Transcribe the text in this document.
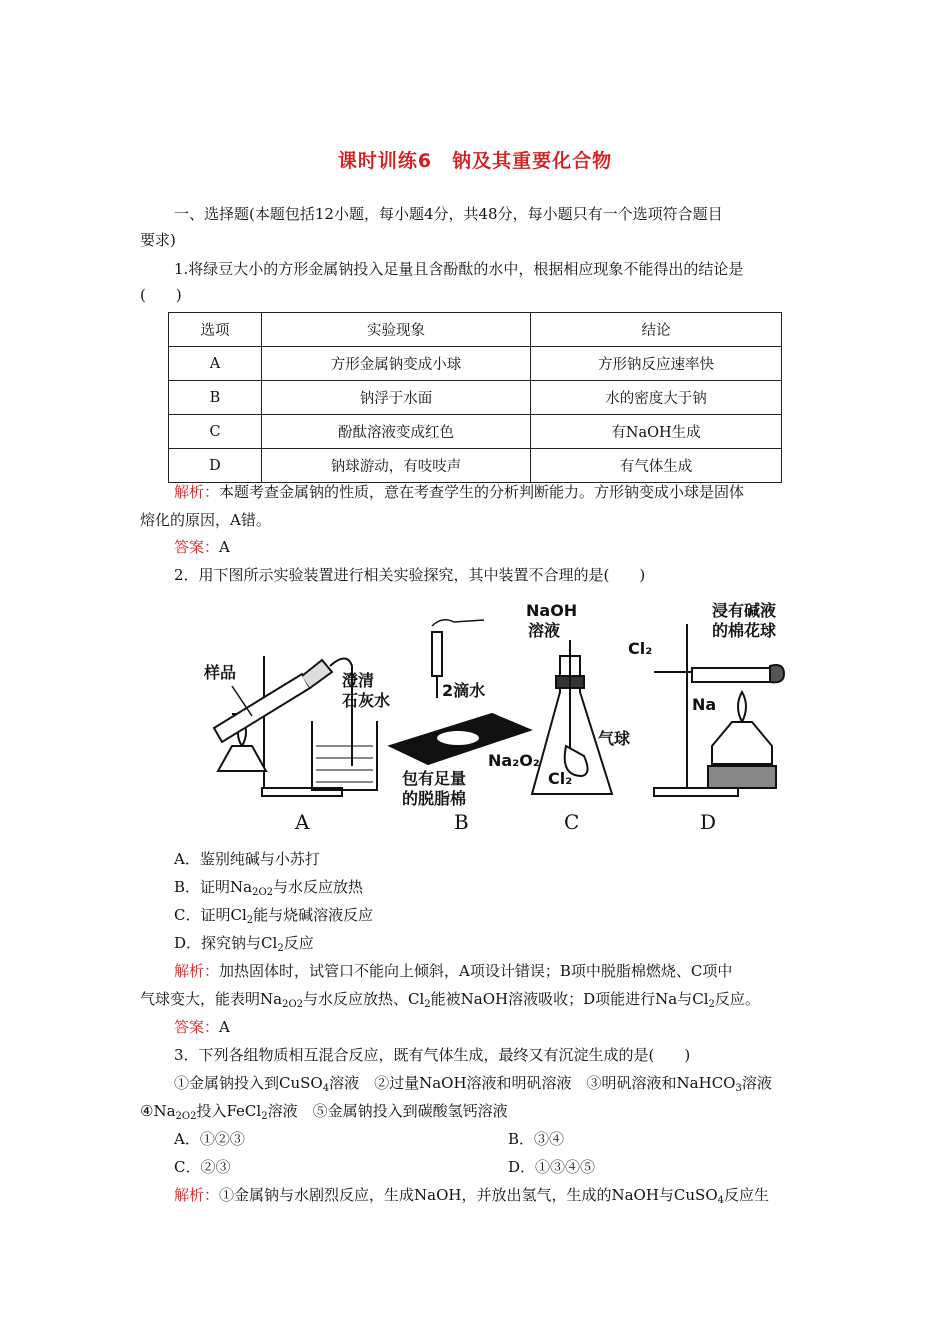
课时训练6　钠及其重要化合物
一、选择题(本题包括12小题，每小题4分，共48分，每小题只有一个选项符合题目
要求)
1.将绿豆大小的方形金属钠投入足量且含酚酞的水中，根据相应现象不能得出的结论是
(　　)
选项	实验现象	结论
A	方形金属钠变成小球	方形钠反应速率快
B	钠浮于水面	水的密度大于钠
C	酚酞溶液变成红色	有NaOH生成
D	钠球游动，有吱吱声	有气体生成
解析：本题考查金属钠的性质，意在考查学生的分析判断能力。方形钠变成小球是固体
熔化的原因，A错。
答案：A
2．用下图所示实验装置进行相关实验探究，其中装置不合理的是(　　)
样品	澄清
石灰水
A
2滴水
包有足量
的脱脂棉
B
NaOH
溶液
Na₂O₂
Cl₂
气球
C
Cl₂
Na
浸有碱液
的棉花球
D
A．鉴别纯碱与小苏打
B．证明$Na_{2O2}$与水反应放热
C．证明$Cl_2$能与烧碱溶液反应
D．探究钠与$Cl_2$反应
解析：加热固体时，试管口不能向上倾斜，A项设计错误；B项中脱脂棉燃烧、C项中
气球变大，能表明$Na_{2O2}$与水反应放热、$Cl_2$能被NaOH溶液吸收；D项能进行Na与$Cl_2$反应。
答案：A
3．下列各组物质相互混合反应，既有气体生成，最终又有沉淀生成的是(　　)
①金属钠投入到CuSO$_4$溶液　②过量NaOH溶液和明矾溶液　③明矾溶液和NaHCO$_3$溶液
$④Na_{2O2}$投入FeCl$_2$溶液　⑤金属钠投入到碳酸氢钙溶液
A．①②③	B．③④
C．②③	D．①③④⑤
解析：①金属钠与水剧烈反应，生成NaOH，并放出氢气，生成的NaOH与CuSO$_4$反应生
